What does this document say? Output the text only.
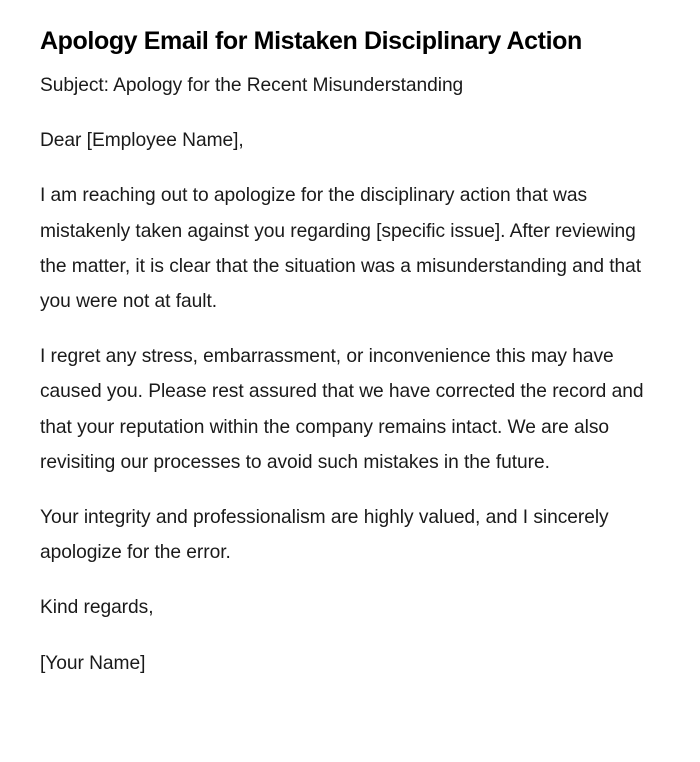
Apology Email for Mistaken Disciplinary Action

Subject: Apology for the Recent Misunderstanding

Dear [Employee Name],

I am reaching out to apologize for the disciplinary action that was mistakenly taken against you regarding [specific issue]. After reviewing the matter, it is clear that the situation was a misunderstanding and that you were not at fault.

I regret any stress, embarrassment, or inconvenience this may have caused you. Please rest assured that we have corrected the record and that your reputation within the company remains intact. We are also revisiting our processes to avoid such mistakes in the future.

Your integrity and professionalism are highly valued, and I sincerely apologize for the error.

Kind regards,

[Your Name]
